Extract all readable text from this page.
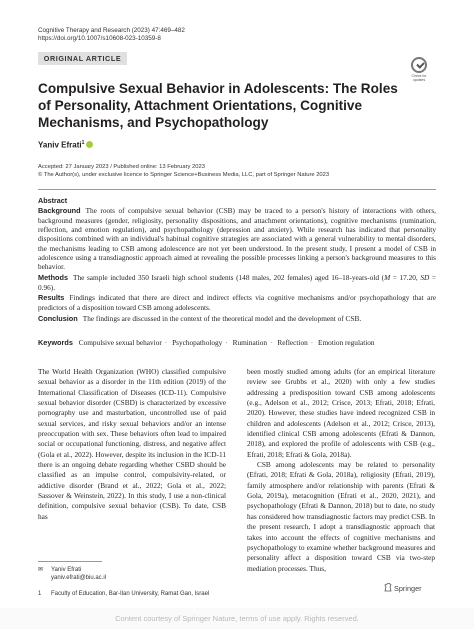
Cognitive Therapy and Research (2023) 47:469–482
https://doi.org/10.1007/s10608-023-10359-8
ORIGINAL ARTICLE
Check for updates
Compulsive Sexual Behavior in Adolescents: The Roles of Personality, Attachment Orientations, Cognitive Mechanisms, and Psychopathology
Yaniv Efrati$^1$
Accepted: 27 January 2023 / Published online: 13 February 2023
© The Author(s), under exclusive licence to Springer Science+Business Media, LLC, part of Springer Nature 2023
Abstract

Background The roots of compulsive sexual behavior (CSB) may be traced to a person's history of interactions with others, background measures (gender, religiosity, personality dispositions, and attachment orientations), cognitive mechanisms (rumination, reflection, and emotion regulation), and psychopathology (depression and anxiety). While research has indicated that personality dispositions combined with an individual's habitual cognitive strategies are associated with a general vulnerability to mental disorders, the mechanisms leading to CSB among adolescence are not yet been understood. In the present study, I present a model of CSB in adolescence using a transdiagnostic approach aimed at revealing the possible processes linking a person's background measures to this behavior.

Methods The sample included 350 Israeli high school students (148 males, 202 females) aged 16–18-years-old (M = 17.20, SD = 0.96).

Results Findings indicated that there are direct and indirect effects via cognitive mechanisms and/or psychopathology that are predictors of a disposition toward CSB among adolescents.

Conclusion The findings are discussed in the context of the theoretical model and the development of CSB.

Keywords Compulsive sexual behavior · Psychopathology · Rumination · Reflection · Emotion regulation

The World Health Organization (WHO) classified compulsive sexual behavior as a disorder in the 11th edition (2019) of the International Classification of Diseases (ICD-11). Compulsive sexual behavior disorder (CSBD) is characterized by excessive pornography use and masturbation, uncontrolled use of paid sexual services, and risky sexual behaviors and/or an intense preoccupation with sex. These behaviors often lead to impaired social or occupational functioning, distress, and negative affect (Gola et al., 2022). However, despite its inclusion in the ICD-11 there is an ongoing debate regarding whether CSBD should be classified as an impulse control, compulsivity-related, or addictive disorder (Brand et al., 2022; Gola et al., 2022; Sassover & Weinstein, 2022). In this study, I use a non-clinical definition, compulsive sexual behavior (CSB). To date, CSB has

been mostly studied among adults (for an empirical literature review see Grubbs et al., 2020) with only a few studies addressing a predisposition toward CSB among adolescents (e.g., Adelson et al., 2012; Crisce, 2013; Efrati, 2018; Efrati, 2020). However, these studies have indeed recognized CSB in children and adolescents (Adelson et al., 2012; Crisce, 2013), identified clinical CSB among adolescents (Efrati & Dannon, 2018), and explored the profile of adolescents with CSB (e.g., Efrati, 2018; Efrati & Gola, 2018a).

CSB among adolescents may be related to personality (Efrati, 2018; Efrati & Gola, 2018a), religiosity (Efrati, 2019), family atmosphere and/or relationship with parents (Efrati & Gola, 2019a), metacognition (Efrati et al., 2020, 2021), and psychopathology (Efrati & Dannon, 2018) but to date, no study has considered how transdiagnostic factors may predict CSB. In the present research, I adopt a transdiagnostic approach that takes into account the effects of cognitive mechanisms and psychopathology to examine whether background measures and personality affect a disposition toward CSB via two-step mediation processes. Thus,

✉ Yaniv Efrati
yaniv.efrati@biu.ac.il
1 Faculty of Education, Bar-Ilan University, Ramat Gan, Israel
Springer
Content courtesy of Springer Nature, terms of use apply. Rights reserved.
